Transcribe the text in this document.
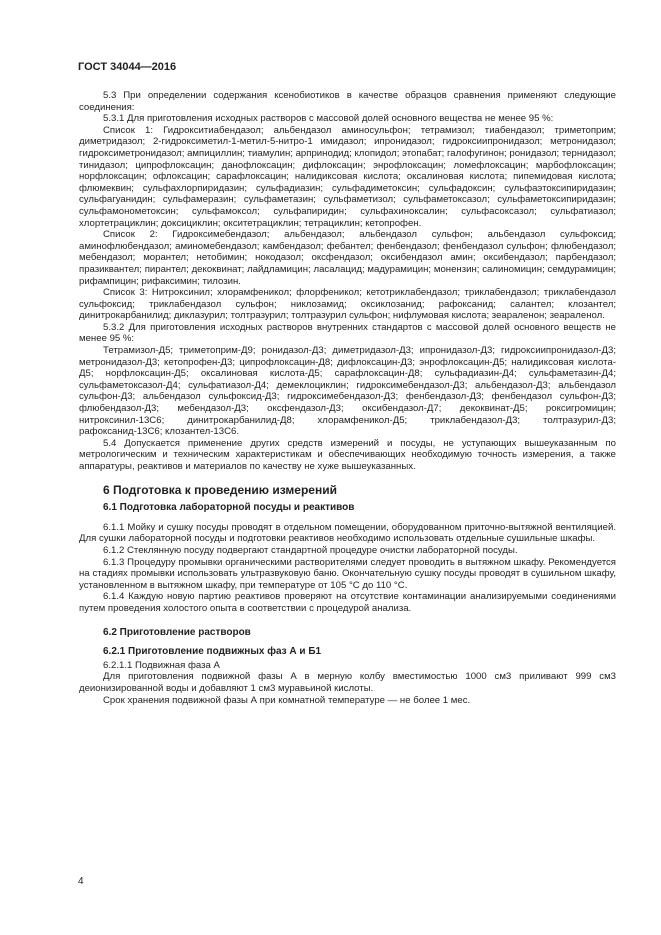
ГОСТ 34044—2016

5.3 При определении содержания ксенобиотиков в качестве образцов сравнения применяют следующие соединения:

5.3.1 Для приготовления исходных растворов с массовой долей основного вещества не менее 95 %:

Список 1: Гидрокситиабендазол; альбендазол аминосульфон; тетрамизол; тиабендазол; триметоприм; диметридазол; 2-гидроксиметил-1-метил-5-нитро-1 имидазол; ипронидазол; гидроксиипронидазол; метронидазол; гидроксиметронидазол; ампициллин; тиамулин; арпринодид; клопидол; этопабат; галофугинон; ронидазол; тернидазол; тинидазол; ципрофлоксацин; данофлоксацин; дифлоксацин; энрофлоксацин; ломефлоксацин; марбофлоксацин; норфлоксацин; офлоксацин; сарафлоксацин; налидиксовая кислота; оксалиновая кислота; пипемидовая кислота; флюмеквин; сульфахлорпиридазин; сульфадиазин; сульфадиметоксин; сульфадоксин; сульфаэтоксипиридазин; сульфагуанидин; сульфамеразин; сульфаметазин; сульфаметизол; сульфаметоксазол; сульфаметоксипиридазин; сульфамонометоксин; сульфамоксол; сульфапиридин; сульфахиноксалин; сульфасоксазол; сульфатиазол; хлортетрациклин; доксициклин; окситетрациклин; тетрациклин; кетопрофен.

Список 2: Гидроксимебендазол; альбендазол; альбендазол сульфон; альбендазол сульфоксид; аминофлюбендазол; аминомебендазол; камбендазол; фебантел; фенбендазол; фенбендазол сульфон; флюбендазол; мебендазол; морантел; нетобимин; нокодазол; оксфендазол; оксибендазол амин; оксибендазол; парбендазол; празиквантел; пирантел; декоквинат; лайдламицин; ласалацид; мадурамицин; монензин; салиномицин; семдурамицин; рифампицин; рифаксимин; тилозин.

Список 3: Нитроксинил; хлорамфеникол; флорфеникол; кетотриклабендазол; триклабендазол; триклабендазол сульфоксид; триклабендазол сульфон; никлозамид; оксиклозанид; рафоксанид; салантел; клозантел; динитрокарбанилид; диклазурил; толтразурил; толтразурил сульфон; нифлумовая кислота; зеараленон; зеараленол.

5.3.2 Для приготовления исходных растворов внутренних стандартов с массовой долей основного веществ не менее 95 %:

Тетрамизол-Д5; триметоприм-Д9; ронидазол-Д3; диметридазол-Д3; ипронидазол-Д3; гидроксиипронидазол-Д3; метронидазол-Д3; кетопрофен-Д3; ципрофлоксацин-Д8; дифлоксацин-Д3; энрофлоксацин-Д5; налидиксовая кислота-Д5; норфлоксацин-Д5; оксалиновая кислота-Д5; сарафлоксацин-Д8; сульфадиазин-Д4; сульфаметазин-Д4; сульфаметоксазол-Д4; сульфатиазол-Д4; демеклоциклин; гидроксимебендазол-Д3; альбендазол-Д3; альбендазол сульфон-Д3; альбендазол сульфоксид-Д3; гидроксимебендазол-Д3; фенбендазол-Д3; фенбендазол сульфон-Д3; флюбендазол-Д3; мебендазол-Д3; оксфендазол-Д3; оксибендазол-Д7; декоквинат-Д5; роксигромицин; нитроксинил-13С6; динитрокарбанилид-Д8; хлорамфеникол-Д5; триклабендазол-Д3; толтразурил-Д3; рафоксанид-13С6; клозантел-13С6.

5.4 Допускается применение других средств измерений и посуды, не уступающих вышеуказанным по метрологическим и техническим характеристикам и обеспечивающих необходимую точность измерения, а также аппаратуры, реактивов и материалов по качеству не хуже вышеуказанных.

6 Подготовка к проведению измерений
6.1 Подготовка лабораторной посуды и реактивов

6.1.1 Мойку и сушку посуды проводят в отдельном помещении, оборудованном приточно-вытяжной вентиляцией. Для сушки лабораторной посуды и подготовки реактивов необходимо использовать отдельные сушильные шкафы.

6.1.2 Стеклянную посуду подвергают стандартной процедуре очистки лабораторной посуды.

6.1.3 Процедуру промывки органическими растворителями следует проводить в вытяжном шкафу. Рекомендуется на стадиях промывки использовать ультразвуковую баню. Окончательную сушку посуды проводят в сушильном шкафу, установленном в вытяжном шкафу, при температуре от 105 °С до 110 °С.

6.1.4 Каждую новую партию реактивов проверяют на отсутствие контаминации анализируемыми соединениями путем проведения холостого опыта в соответствии с процедурой анализа.

6.2 Приготовление растворов
6.2.1 Приготовление подвижных фаз А и Б1

6.2.1.1 Подвижная фаза А

Для приготовления подвижной фазы А в мерную колбу вместимостью 1000 см3 приливают 999 см3 деионизированной воды и добавляют 1 см3 муравьиной кислоты.

Срок хранения подвижной фазы А при комнатной температуре — не более 1 мес.

4
